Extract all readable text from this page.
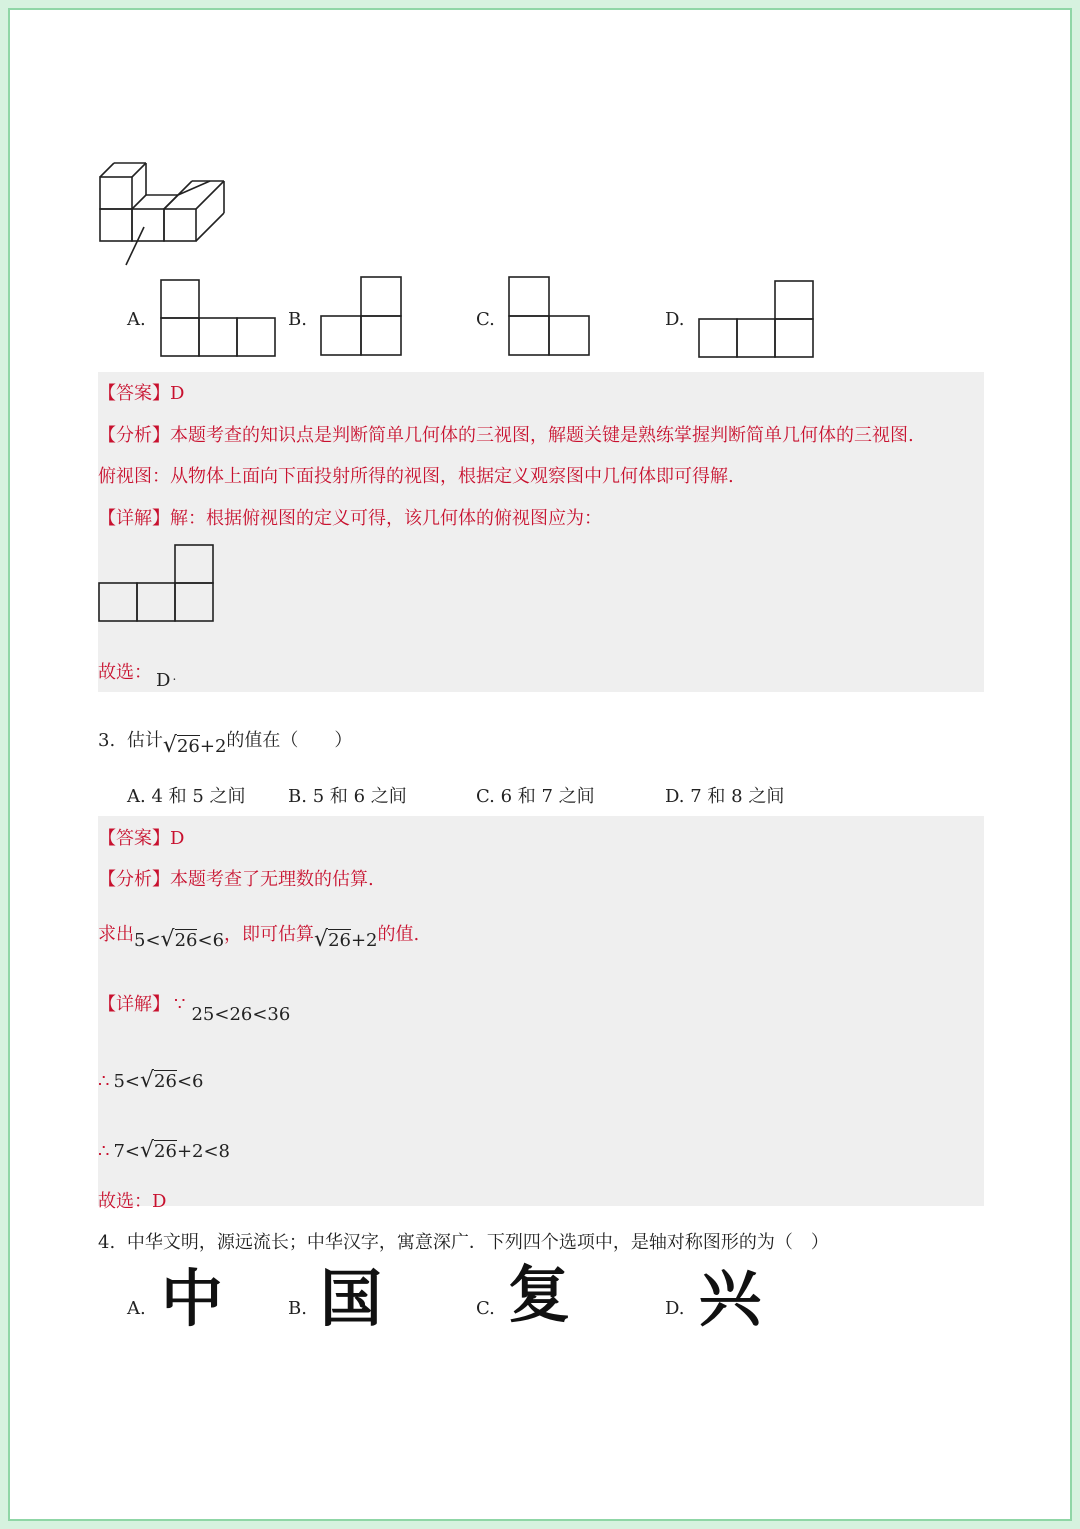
A.	B.	C.	D.
【答案】D
【分析】本题考查的知识点是判断简单几何体的三视图，解题关键是熟练掌握判断简单几何体的三视图.
俯视图：从物体上面向下面投射所得的视图，根据定义观察图中几何体即可得解.
【详解】解：根据俯视图的定义可得，该几何体的俯视图应为：
故选： D .
3. 估计√26+2的值在（　　）
A. 4 和 5 之间 B. 5 和 6 之间	C. 6 和 7 之间	D. 7 和 8 之间
【答案】D
【分析】本题考查了无理数的估算.
求出5<√26<6，即可估算√26+2的值.
【详解】 ∵ 25<26<36
∴ 5<√26<6
∴ 7<√26+2<8
故选：D
4. 中华文明，源远流长；中华汉字，寓意深广．下列四个选项中，是轴对称图形的为（　）
A. 中	B. 国	C. 复	D. 兴
